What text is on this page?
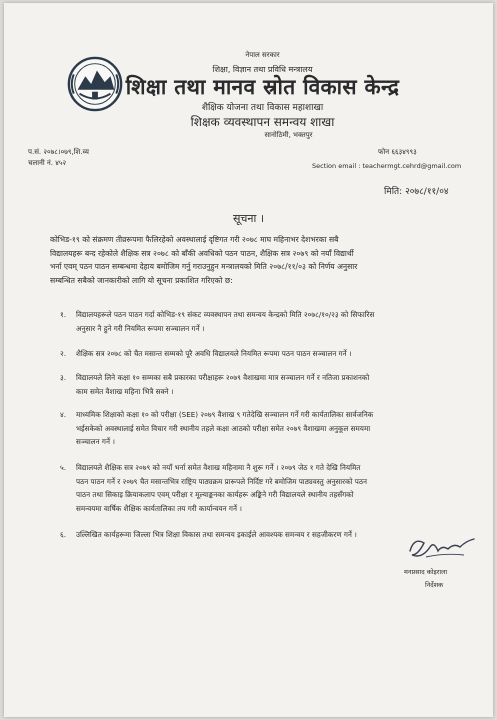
नेपाल सरकार
शिक्षा, विज्ञान तथा प्रविधि मन्त्रालय
शिक्षा तथा मानव स्रोत विकास केन्द्र
शैक्षिक योजना तथा विकास महाशाखा
शिक्षक व्यवस्थापन समन्वय शाखा
सानोठिमी, भक्तपुर
प.सं. २०७८।०७९,शि.व्य
चलानी नं. ४५२
फोन ६६३४९९३
Section email : teachermgt.cehrd@gmail.com
मिति: २०७८/११/०४
सूचना ।
कोभिड-१९ को संक्रमण तीव्ररूपमा फैलिरहेको अवस्थालाई दृष्टिगत गरी २०७८ माघ महिनाभर देशभरका सबै
विद्यालयहरू बन्द रहेकोले शैक्षिक सत्र २०७८ को बाँकी अवधिको पठन पाठन, शैक्षिक सत्र २०७९ को नयाँ विद्यार्थी
भर्ना एवम् पठन पाठन सम्बन्धमा देहाय बमोजिम गर्नु गराउनुहुन मन्त्रालयको मिति २०७८/११/०३ को निर्णय अनुसार
सम्बन्धित सबैको जानकारीको लागि यो सूचना प्रकाशित गरिएको छ:
१. विद्यालयहरूले पठन पाठन गर्दा कोभिड-१९ संकट व्यवस्थापन तथा समन्वय केन्द्रको मिति २०७८/१०/२३ को सिफारिस
अनुसार नै हुने गरी नियमित रूपमा सञ्चालन गर्ने ।
२. शैक्षिक सत्र २०७८ को चैत मसान्त सम्मको पूरै अवधि विद्यालयले नियमित रूपमा पठन पाठन सञ्चालन गर्ने ।
३. विद्यालयले लिने कक्षा १० सम्मका सबै प्रकारका परीक्षाहरू २०७९ वैशाखमा मात्र सञ्चालन गर्ने र नतिजा प्रकाशनको
काम समेत वैशाख महिना भित्रै सक्ने ।
४. माध्यमिक शिक्षाको कक्षा १० को परीक्षा (SEE) २०७९ वैशाख ९ गतेदेखि सञ्चालन गर्ने गरी कार्यतालिका सार्वजनिक
भईसकेको अवस्थालाई समेत विचार गरी स्थानीय तहले कक्षा आठको परीक्षा समेत २०७९ वैशाखमा अनुकूल समयमा
सञ्चालन गर्ने ।
५. विद्यालयले शैक्षिक सत्र २०७९ को नयाँ भर्ना समेत वैशाख महिनामा नै शुरू गर्ने । २०७९ जेठ १ गते देखि नियमित
पठन पाठन गर्ने र २०७९ चैत मसान्तभित्र राष्ट्रिय पाठ्यक्रम प्रारूपले निर्दिष्ट गरे बमोजिम पाठ्यवस्तु अनुसारको पठन
पाठन तथा सिकाइ क्रियाकलाप एवम् परीक्षा र मूल्याङ्कनका कार्यहरू अङ्किने गरी विद्यालयले स्थानीय तहसँगको
समन्वयमा वार्षिक शैक्षिक कार्यतालिका तय गरी कार्यान्वयन गर्ने ।
६. उल्लिखित कार्यहरूमा जिल्ला भित्र शिक्षा विकास तथा समन्वय इकाईले आवश्यक समन्वय र सहजीकरण गर्ने ।
मनप्रसाद कोइराला
निर्देशक
